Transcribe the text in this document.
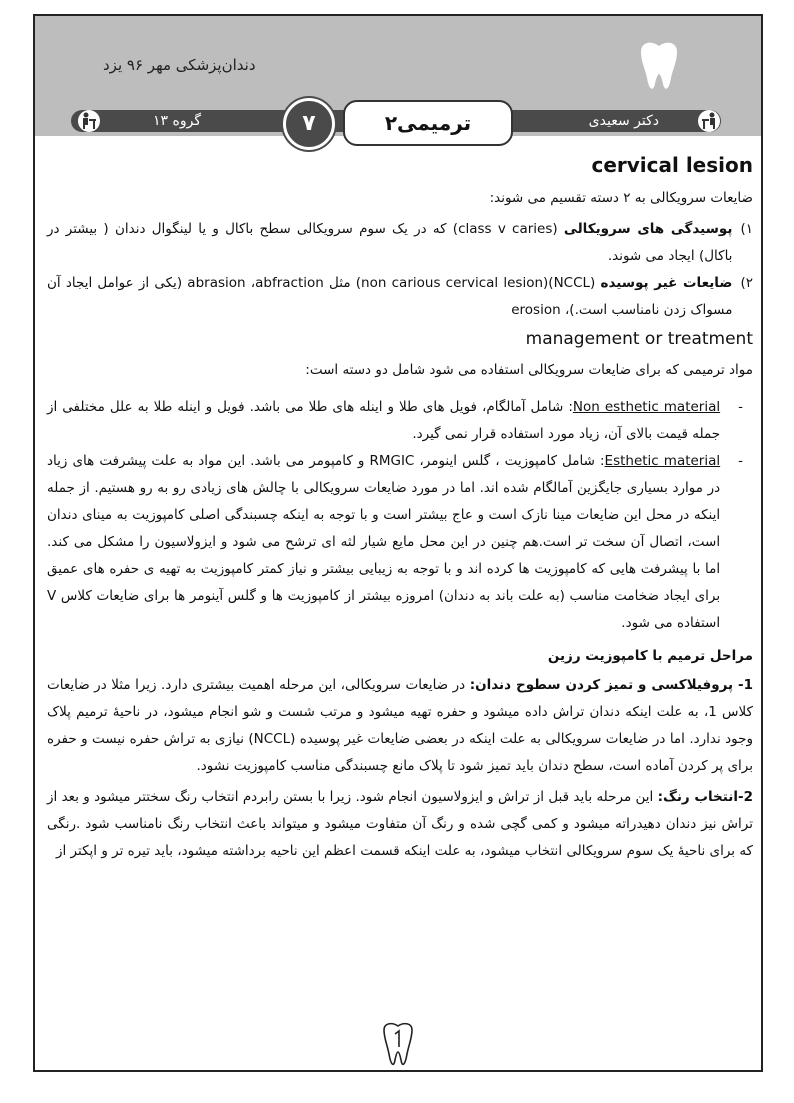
دندان‌پزشکی مهر ۹۶ یزد
گروه ۱۳	دکتر سعیدی
۷	ترمیمی۲
cervical lesion

ضایعات سرویکالی به ۲ دسته تقسیم می شوند:

۱)
پوسیدگی های سرویکالی (class v caries) که در یک سوم سرویکالی سطح باکال و یا لینگوال دندان ( بیشتر در باکال) ایجاد می شوند.
۲)
ضایعات غیر پوسیده (NCCL)(non carious cervical lesion) مثل abrasion ،abfraction (یکی از عوامل ایجاد آن مسواک زدن نامناسب است.)، erosion
management or treatment

مواد ترمیمی که برای ضایعات سرویکالی استفاده می شود شامل دو دسته است:

-
Non esthetic material: شامل آمالگام، فویل های طلا و اینله های طلا می باشد. فویل و اینله طلا به علل مختلفی از جمله قیمت بالای آن، زیاد مورد استفاده قرار نمی گیرد.
-
Esthetic material: شامل کامپوزیت ، گلس اینومر، RMGIC و کامپومر می باشد. این مواد به علت پیشرفت های زیاد در موارد بسیاری جایگزین آمالگام شده اند. اما در مورد ضایعات سرویکالی با چالش های زیادی رو به رو هستیم. از جمله اینکه در محل این ضایعات مینا نازک است و عاج بیشتر است و با توجه به اینکه چسبندگی اصلی کامپوزیت به مینای دندان است، اتصال آن سخت تر است.هم چنین در این محل مایع شیار لثه ای ترشح می شود و ایزولاسیون را مشکل می کند. اما با پیشرفت هایی که کامپوزیت ها کرده اند و با توجه به زیبایی بیشتر و نیاز کمتر کامپوزیت به تهیه ی حفره های عمیق برای ایجاد ضخامت مناسب (به علت باند به دندان) امروزه بیشتر از کامپوزیت ها و گلس آینومر ها برای ضایعات کلاس V استفاده می شود.
مراحل ترمیم با کامپوزیت رزین

1- پروفیلاکسی و تمیز کردن سطوح دندان: در ضایعات سرویکالی، این مرحله اهمیت بیشتری دارد. زیرا مثلا در ضایعات کلاس 1، به علت اینکه دندان تراش داده میشود و حفره تهیه میشود و مرتب شست و شو انجام میشود، در ناحیهٔ ترمیم پلاک وجود ندارد. اما در ضایعات سرویکالی به علت اینکه در بعضی ضایعات غیر پوسیده (NCCL) نیازی به تراش حفره نیست و حفره برای پر کردن آماده است، سطح دندان باید تمیز شود تا پلاک مانع چسبندگی مناسب کامپوزیت نشود.

2-انتخاب رنگ: این مرحله باید قبل از تراش و ایزولاسیون انجام شود. زیرا با بستن رابردم انتخاب رنگ سختتر میشود و بعد از تراش نیز دندان دهیدراته میشود و کمی گچی شده و رنگ آن متفاوت میشود و میتواند باعث انتخاب رنگ نامناسب شود .رنگی که برای ناحیهٔ یک سوم سرویکالی انتخاب میشود، به علت اینکه قسمت اعظم این ناحیه برداشته میشود، باید تیره تر و اپکتر از
